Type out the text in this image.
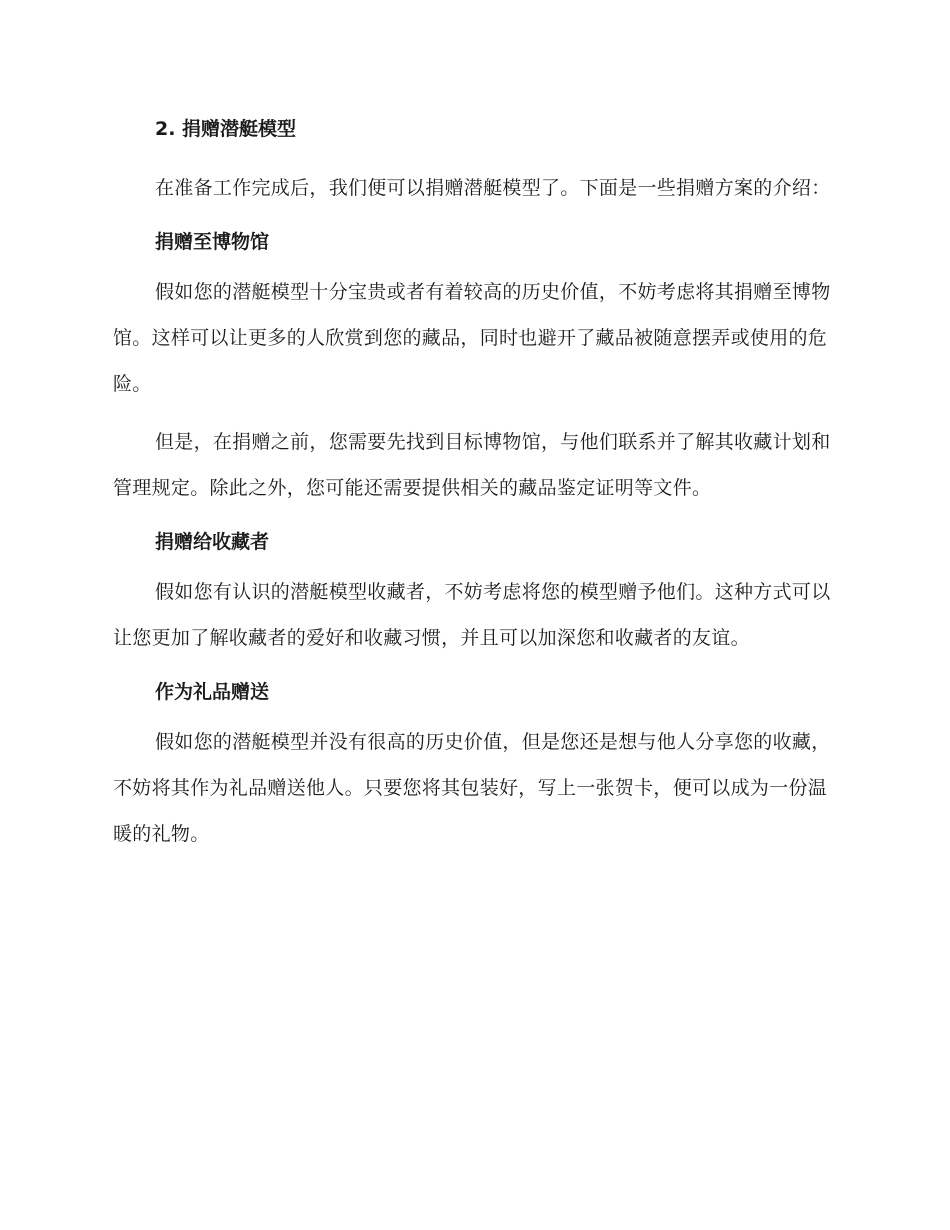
2. 捐赠潜艇模型

在准备工作完成后，我们便可以捐赠潜艇模型了。下面是一些捐赠方案的介绍：

捐赠至博物馆

假如您的潜艇模型十分宝贵或者有着较高的历史价值，不妨考虑将其捐赠至博物馆。这样可以让更多的人欣赏到您的藏品，同时也避开了藏品被随意摆弄或使用的危险。

但是，在捐赠之前，您需要先找到目标博物馆，与他们联系并了解其收藏计划和管理规定。除此之外，您可能还需要提供相关的藏品鉴定证明等文件。

捐赠给收藏者

假如您有认识的潜艇模型收藏者，不妨考虑将您的模型赠予他们。这种方式可以让您更加了解收藏者的爱好和收藏习惯，并且可以加深您和收藏者的友谊。

作为礼品赠送

假如您的潜艇模型并没有很高的历史价值，但是您还是想与他人分享您的收藏，不妨将其作为礼品赠送他人。只要您将其包装好，写上一张贺卡，便可以成为一份温暖的礼物。
